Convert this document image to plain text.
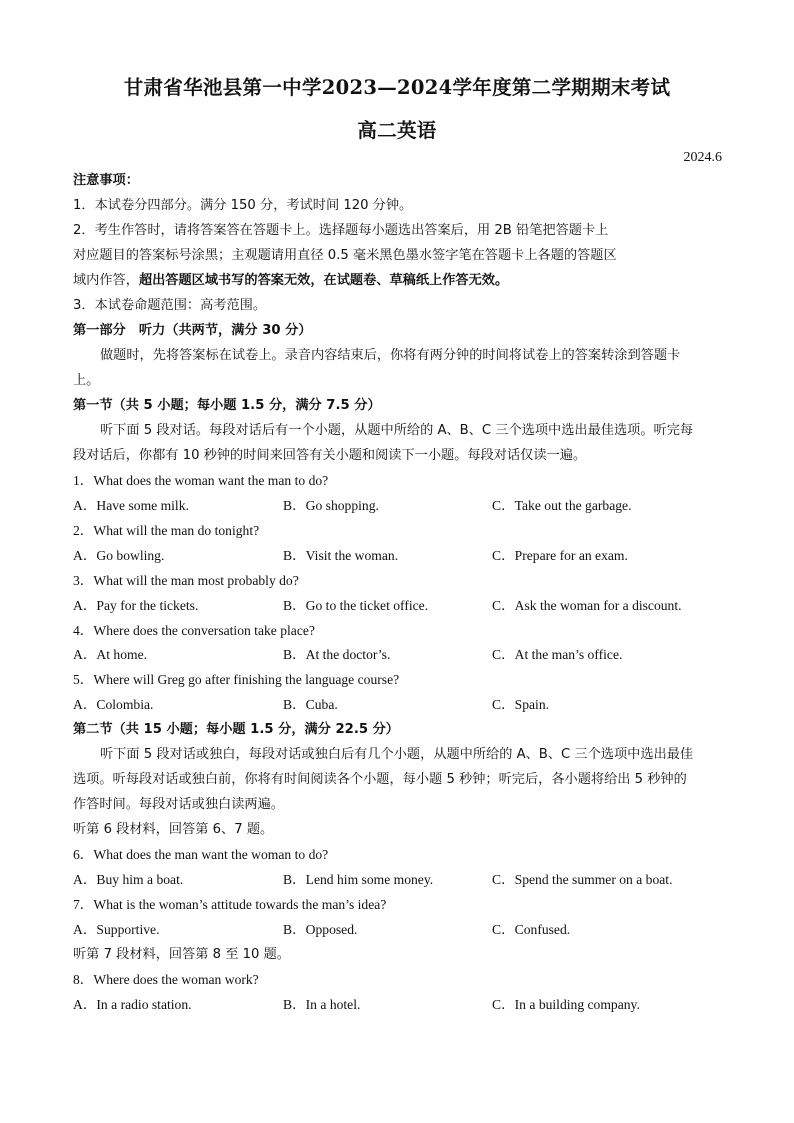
甘肃省华池县第一中学2023—2024学年度第二学期期末考试
高二英语
2024.6
注意事项：
1．本试卷分四部分。满分 150 分，考试时间 120 分钟。
2．考生作答时，请将答案答在答题卡上。选择题每小题选出答案后，用 2B 铅笔把答题卡上
对应题目的答案标号涂黑；主观题请用直径 0.5 毫米黑色墨水签字笔在答题卡上各题的答题区
域内作答，超出答题区域书写的答案无效，在试题卷、草稿纸上作答无效。
3．本试卷命题范围：高考范围。
第一部分　听力（共两节，满分 30 分）
做题时，先将答案标在试卷上。录音内容结束后，你将有两分钟的时间将试卷上的答案转涂到答题卡
上。
第一节（共 5 小题；每小题 1.5 分，满分 7.5 分）
听下面 5 段对话。每段对话后有一个小题，从题中所给的 A、B、C 三个选项中选出最佳选项。听完每
段对话后，你都有 10 秒钟的时间来回答有关小题和阅读下一小题。每段对话仅读一遍。
1．What does the woman want the man to do?
A．Have some milk.	B．Go shopping.	C．Take out the garbage.
2．What will the man do tonight?
A．Go bowling.	B．Visit the woman.	C．Prepare for an exam.
3．What will the man most probably do?
A．Pay for the tickets.	B．Go to the ticket office.	C．Ask the woman for a discount.
4．Where does the conversation take place?
A．At home.	B．At the doctor’s.	C．At the man’s office.
5．Where will Greg go after finishing the language course?
A．Colombia.	B．Cuba.	C．Spain.
第二节（共 15 小题；每小题 1.5 分，满分 22.5 分）
听下面 5 段对话或独白，每段对话或独白后有几个小题，从题中所给的 A、B、C 三个选项中选出最佳
选项。听每段对话或独白前，你将有时间阅读各个小题，每小题 5 秒钟；听完后，各小题将给出 5 秒钟的
作答时间。每段对话或独白读两遍。
听第 6 段材料，回答第 6、7 题。
6．What does the man want the woman to do?
A．Buy him a boat.	B．Lend him some money.	C．Spend the summer on a boat.
7．What is the woman’s attitude towards the man’s idea?
A．Supportive.	B．Opposed.	C．Confused.
听第 7 段材料，回答第 8 至 10 题。
8．Where does the woman work?
A．In a radio station.	B．In a hotel.	C．In a building company.
